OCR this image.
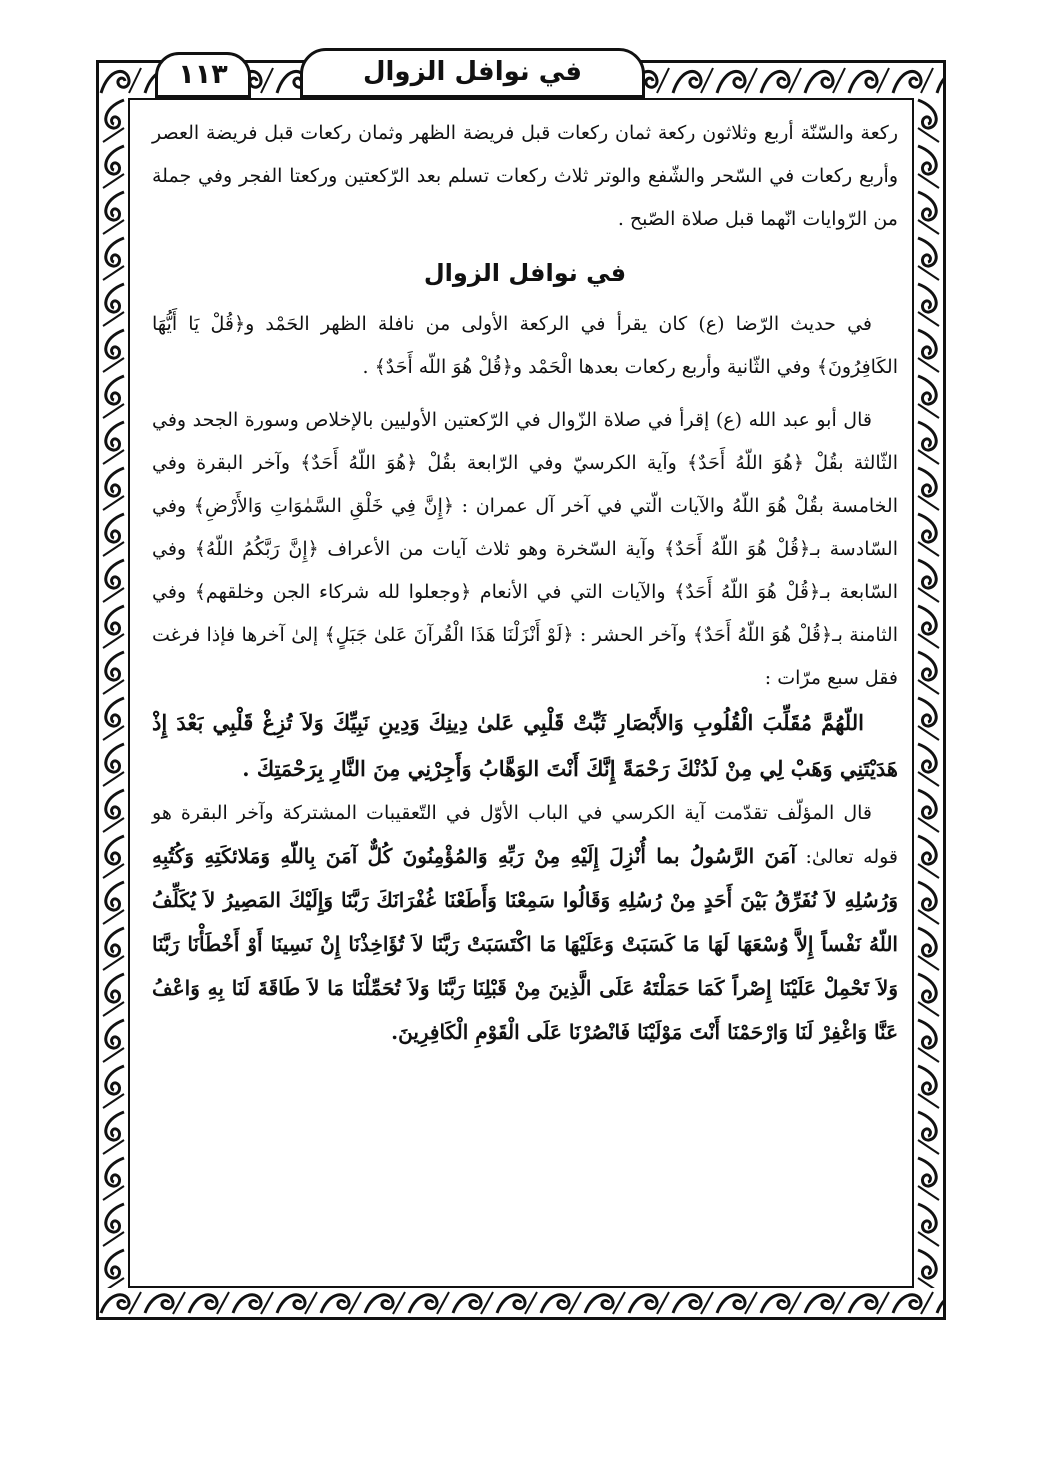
١١٣	في نوافل الزوال

ركعة والسّنّة أربع وثلاثون ركعة ثمان ركعات قبل فريضة الظهر وثمان ركعات قبل فريضة العصر وأربع ركعات في السّحر والشّفع والوتر ثلاث ركعات تسلم بعد الرّكعتين وركعتا الفجر وفي جملة من الرّوايات انّهما قبل صلاة الصّبح .

في نوافل الزوال

في حديث الرّضا (ع) كان يقرأ في الركعة الأولى من نافلة الظهر الحَمْد و﴿قُلْ يَا أَيُّهَا الكَافِرُونَ﴾ وفي الثّانية وأربع ركعات بعدها الْحَمْد و﴿قُلْ هُوَ اللّه أَحَدٌ﴾ .

قال أبو عبد الله (ع) إقرأ في صلاة الزّوال في الرّكعتين الأوليين بالإخلاص وسورة الجحد وفي الثّالثة بقُلْ ﴿هُوَ اللّهُ أَحَدٌ﴾ وآية الكرسيّ وفي الرّابعة بقُلْ ﴿هُوَ اللّهُ أَحَدٌ﴾ وآخر البقرة وفي الخامسة بقُلْ هُوَ اللّهُ والآيات الّتي في آخر آل عمران : ﴿إِنَّ فِي خَلْقِ السَّمٰوَاتِ وَالأَرْضِ﴾ وفي السّادسة بـ﴿قُلْ هُوَ اللّهُ أَحَدٌ﴾ وآية السّخرة وهو ثلاث آيات من الأعراف ﴿إِنَّ رَبَّكُمُ اللّهُ﴾ وفي السّابعة بـ﴿قُلْ هُوَ اللّهُ أَحَدٌ﴾ والآيات التي في الأنعام ﴿وجعلوا لله شركاء الجن وخلقهم﴾ وفي الثامنة بـ﴿قُلْ هُوَ اللّهُ أَحَدٌ﴾ وآخر الحشر : ﴿لَوْ أَنْزَلْنَا هَذَا الْقُرآنَ عَلىٰ جَبَلٍ﴾ إلىٰ آخرها فإذا فرغت فقل سبع مرّات :

اللّهُمَّ مُقَلِّبَ الْقُلُوبِ وَالأَبْصَارِ ثَبِّتْ قَلْبِي عَلىٰ دِينِكَ وَدِينِ نَبِيِّكَ وَلاَ تُزِغْ قَلْبِي بَعْدَ إِذْ هَدَيْتَنِي وَهَبْ لِي مِنْ لَدُنْكَ رَحْمَةً إِنَّكَ أَنْتَ الوَهَّابُ وَأَجِرْنِي مِنَ النَّارِ بِرَحْمَتِكَ .

قال المؤلّف تقدّمت آية الكرسي في الباب الأوّل في التّعقيبات المشتركة وآخر البقرة هو قوله تعالىٰ: آمَنَ الرَّسُولُ بما أُنْزِلَ إِلَيْهِ مِنْ رَبِّهِ وَالمُؤْمِنُونَ كُلٌّ آمَنَ بِاللّهِ وَمَلائكَتِهِ وَكُتُبِهِ وَرُسُلِهِ لاَ نُفَرِّقُ بَيْنَ أَحَدٍ مِنْ رُسُلِهِ وَقَالُوا سَمِعْنَا وَأَطَعْنَا غُفْرَانَكَ رَبَّنَا وَإِلَيْكَ المَصِيرُ لاَ يُكَلِّفُ اللّهُ نَفْساً إِلاَّ وُسْعَهَا لَهَا مَا كَسَبَتْ وَعَلَيْهَا مَا اكْتَسَبَتْ رَبَّنَا لاَ تُؤَاخِذْنَا إِنْ نَسِينَا أَوْ أَخْطَأْنَا رَبَّنَا وَلاَ تَحْمِلْ عَلَيْنَا إِصْراً كَمَا حَمَلْتَهُ عَلَى الَّذِينَ مِنْ قَبْلِنَا رَبَّنَا وَلاَ تُحَمِّلْنَا مَا لاَ طَاقَةَ لَنَا بِهِ وَاعْفُ عَنَّا وَاغْفِرْ لَنَا وَارْحَمْنَا أَنْتَ مَوْلَيْنَا فَانْصُرْنَا عَلَى الْقَوْمِ الْكَافِرِينَ.
